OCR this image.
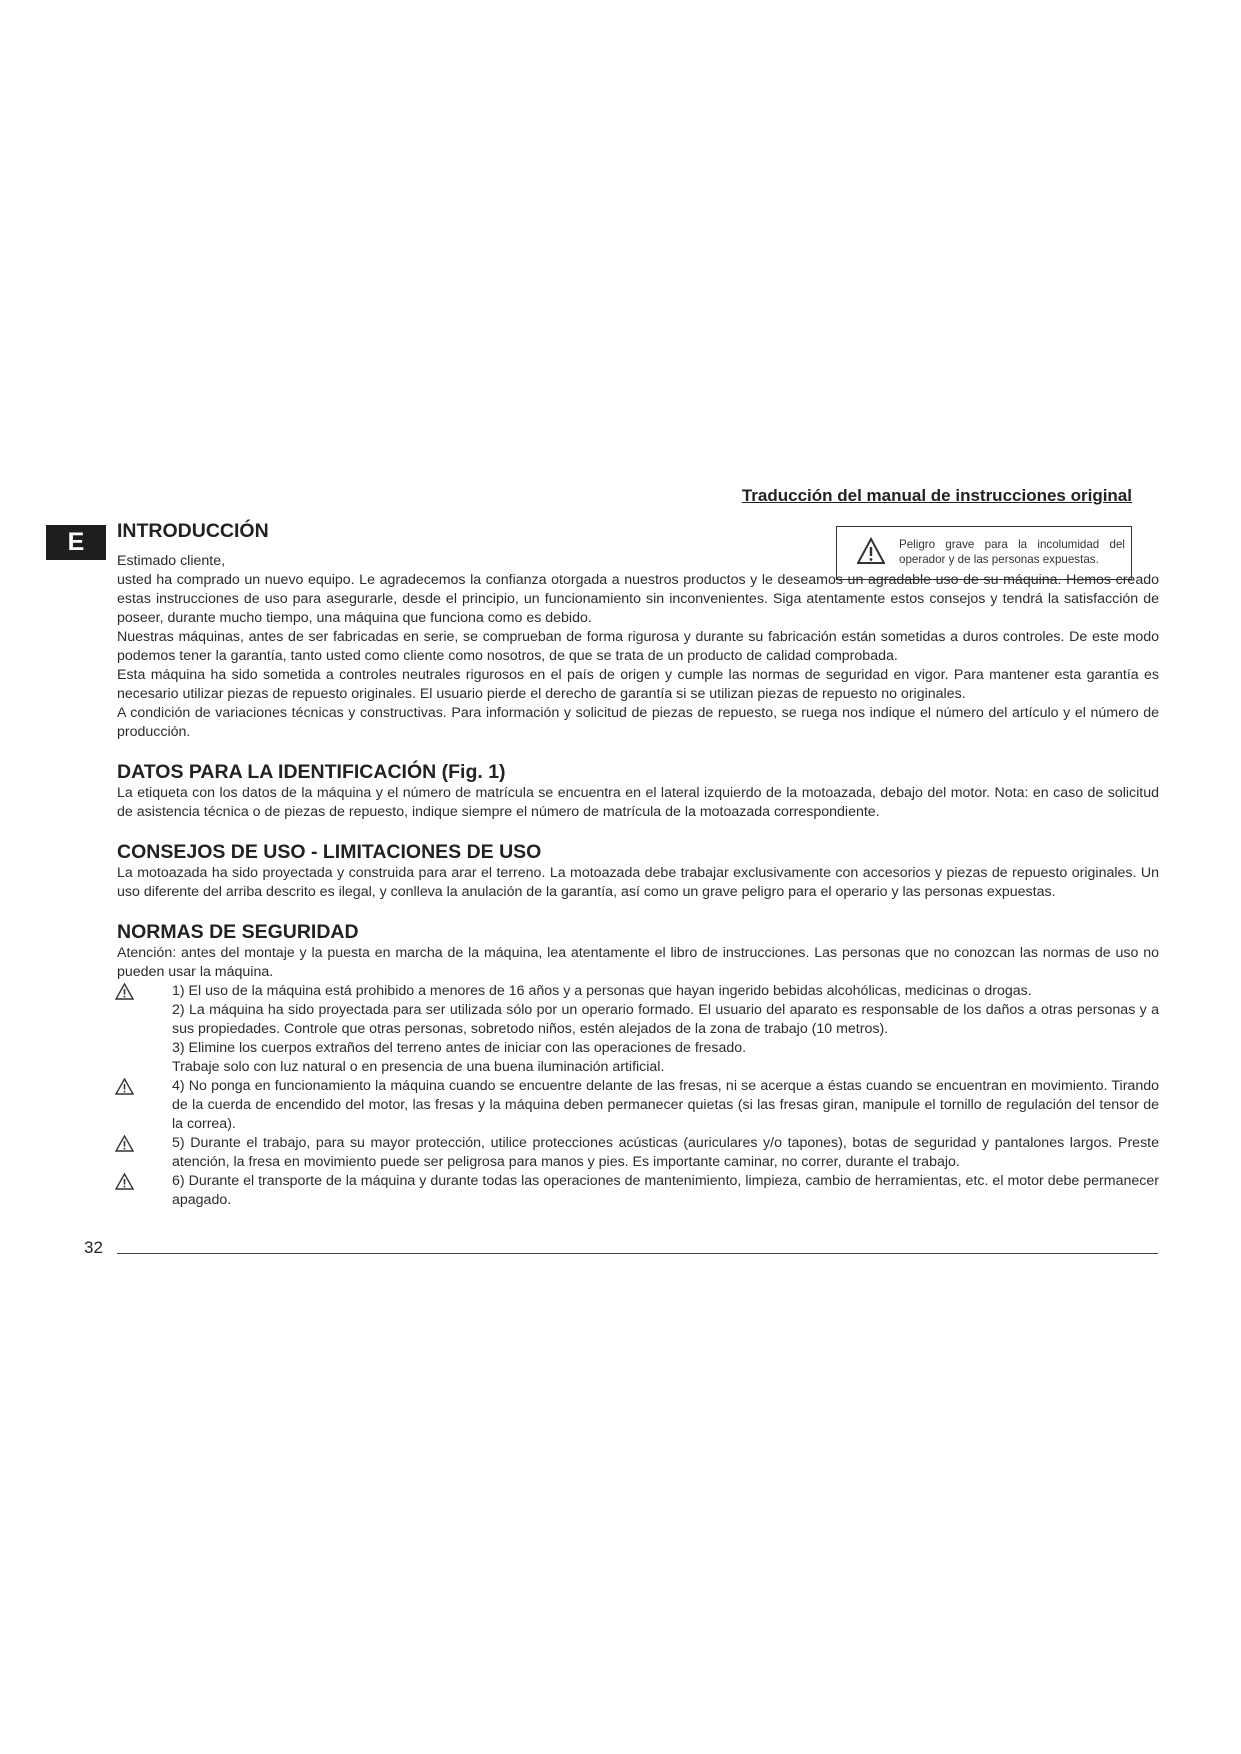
Traducción del manual de instrucciones original
E	Peligro grave para la incolumidad del operador y de las personas expuestas.
INTRODUCCIÓN

Estimado cliente,

usted ha comprado un nuevo equipo. Le agradecemos la confianza otorgada a nuestros productos y le deseamos un agradable uso de su máquina. Hemos creado estas instrucciones de uso para asegurarle, desde el principio, un funcionamiento sin inconvenientes. Siga atentamente estos consejos y tendrá la satisfacción de poseer, durante mucho tiempo, una máquina que funciona como es debido.

Nuestras máquinas, antes de ser fabricadas en serie, se comprueban de forma rigurosa y durante su fabricación están sometidas a duros controles. De este modo podemos tener la garantía, tanto usted como cliente como nosotros, de que se trata de un producto de calidad comprobada.

Esta máquina ha sido sometida a controles neutrales rigurosos en el país de origen y cumple las normas de seguridad en vigor. Para mantener esta garantía es necesario utilizar piezas de repuesto originales. El usuario pierde el derecho de garantía si se utilizan piezas de repuesto no originales.

A condición de variaciones técnicas y constructivas. Para información y solicitud de piezas de repuesto, se ruega nos indique el número del artículo y el número de producción.

DATOS PARA LA IDENTIFICACIÓN (Fig. 1)

La etiqueta con los datos de la máquina y el número de matrícula se encuentra en el lateral izquierdo de la motoazada, debajo del motor. Nota: en caso de solicitud de asistencia técnica o de piezas de repuesto, indique siempre el número de matrícula de la motoazada correspondiente.

CONSEJOS DE USO - LIMITACIONES DE USO

La motoazada ha sido proyectada y construida para arar el terreno. La motoazada debe trabajar exclusivamente con accesorios y piezas de repuesto originales. Un uso diferente del arriba descrito es ilegal, y conlleva la anulación de la garantía, así como un grave peligro para el operario y las personas expuestas.

NORMAS DE SEGURIDAD

Atención: antes del montaje y la puesta en marcha de la máquina, lea atentamente el libro de instrucciones. Las personas que no conozcan las normas de uso no pueden usar la máquina.

1) El uso de la máquina está prohibido a menores de 16 años y a personas que hayan ingerido bebidas alcohólicas, medicinas o drogas.

2) La máquina ha sido proyectada para ser utilizada sólo por un operario formado. El usuario del aparato es responsable de los daños a otras personas y a sus propiedades. Controle que otras personas, sobretodo niños, estén alejados de la zona de trabajo (10 metros).

3) Elimine los cuerpos extraños del terreno antes de iniciar con las operaciones de fresado.

Trabaje solo con luz natural o en presencia de una buena iluminación artificial.

4) No ponga en funcionamiento la máquina cuando se encuentre delante de las fresas, ni se acerque a éstas cuando se encuentran en movimiento. Tirando de la cuerda de encendido del motor, las fresas y la máquina deben permanecer quietas (si las fresas giran, manipule el tornillo de regulación del tensor de la correa).

5) Durante el trabajo, para su mayor protección, utilice protecciones acústicas (auriculares y/o tapones), botas de seguridad y pantalones largos. Preste atención, la fresa en movimiento puede ser peligrosa para manos y pies. Es importante caminar, no correr, durante el trabajo.

6) Durante el transporte de la máquina y durante todas las operaciones de mantenimiento, limpieza, cambio de herramientas, etc. el motor debe permanecer apagado.

32
